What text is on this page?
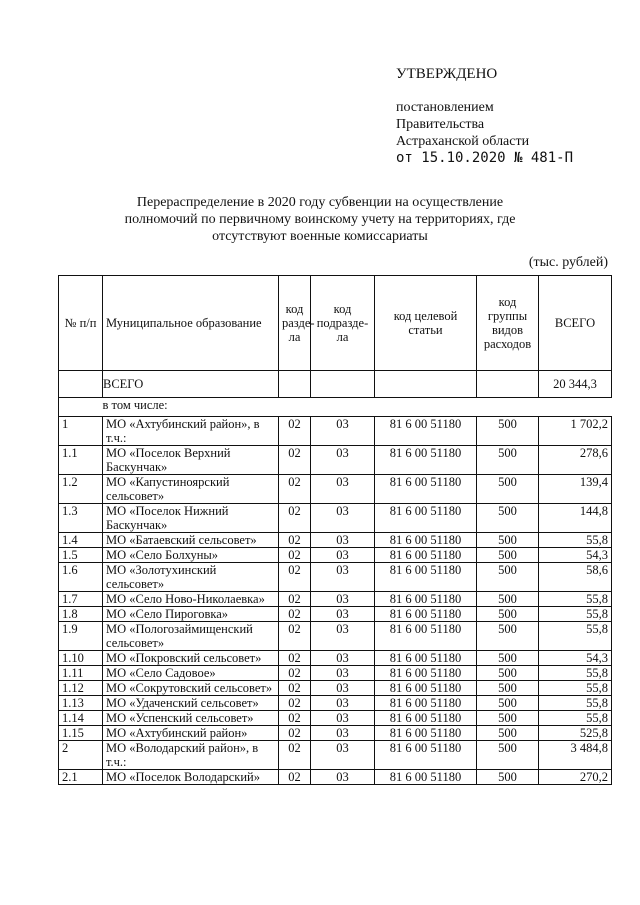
УТВЕРЖДЕНО
постановлением
Правительства
Астраханской области
от 15.10.2020 № 481-П
Перераспределение в 2020 году субвенции на осуществление полномочий по первичному воинскому учету на территориях, где отсутствуют военные комиссариаты
(тыс. рублей)
№ п/п	Муниципальное образование	код разде-ла	код подразде-ла	код целевой статьи	код группы видов расходов	ВСЕГО
	ВСЕГО					20 344,3
	в том числе:					
1	МО «Ахтубинский район», в т.ч.:	02	03	81 6 00 51180	500	1 702,2
1.1	МО «Поселок Верхний Баскунчак»	02	03	81 6 00 51180	500	278,6
1.2	МО «Капустиноярский сельсовет»	02	03	81 6 00 51180	500	139,4
1.3	МО «Поселок Нижний Баскунчак»	02	03	81 6 00 51180	500	144,8
1.4	МО «Батаевский сельсовет»	02	03	81 6 00 51180	500	55,8
1.5	МО «Село Болхуны»	02	03	81 6 00 51180	500	54,3
1.6	МО «Золотухинский сельсовет»	02	03	81 6 00 51180	500	58,6
1.7	МО «Село Ново-Николаевка»	02	03	81 6 00 51180	500	55,8
1.8	МО «Село Пироговка»	02	03	81 6 00 51180	500	55,8
1.9	МО «Пологозаймищенский сельсовет»	02	03	81 6 00 51180	500	55,8
1.10	МО «Покровский сельсовет»	02	03	81 6 00 51180	500	54,3
1.11	МО «Село Садовое»	02	03	81 6 00 51180	500	55,8
1.12	МО «Сокрутовский сельсовет»	02	03	81 6 00 51180	500	55,8
1.13	МО «Удаченский сельсовет»	02	03	81 6 00 51180	500	55,8
1.14	МО «Успенский сельсовет»	02	03	81 6 00 51180	500	55,8
1.15	МО «Ахтубинский район»	02	03	81 6 00 51180	500	525,8
2	МО «Володарский район», в т.ч.:	02	03	81 6 00 51180	500	3 484,8
2.1	МО «Поселок Володарский»	02	03	81 6 00 51180	500	270,2
